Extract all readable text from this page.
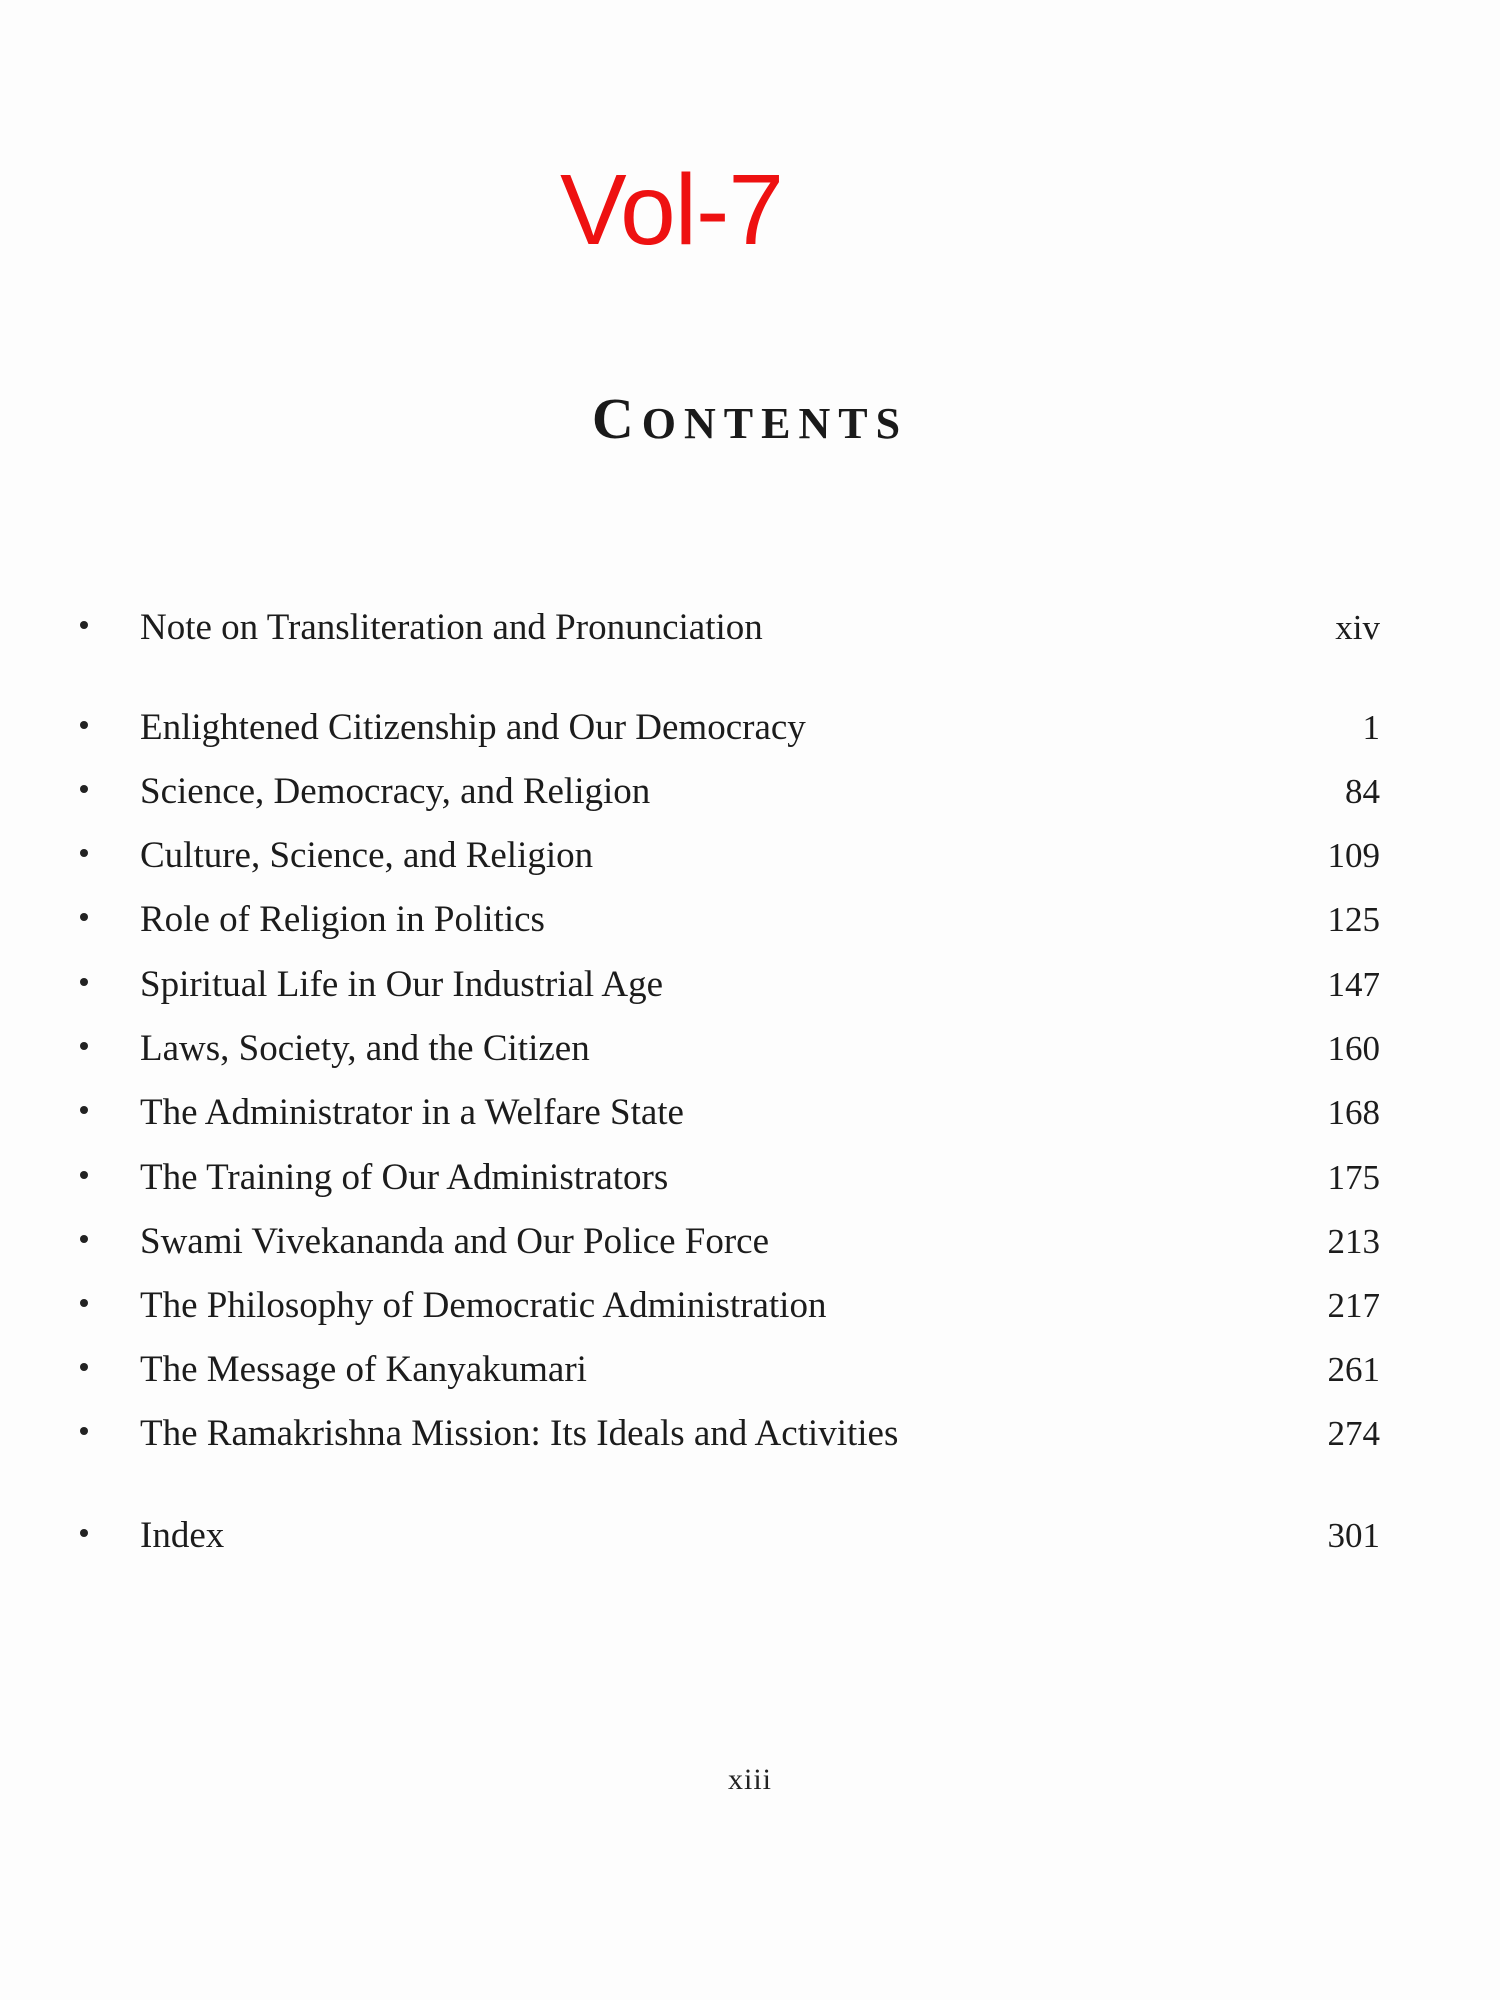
Vol-7
CONTENTS
Note on Transliteration and Pronunciation	xiv
Enlightened Citizenship and Our Democracy	1
Science, Democracy, and Religion	84
Culture, Science, and Religion	109
Role of Religion in Politics	125
Spiritual Life in Our Industrial Age	147
Laws, Society, and the Citizen	160
The Administrator in a Welfare State	168
The Training of Our Administrators	175
Swami Vivekananda and Our Police Force	213
The Philosophy of Democratic Administration	217
The Message of Kanyakumari	261
The Ramakrishna Mission: Its Ideals and Activities	274
Index	301
xiii
